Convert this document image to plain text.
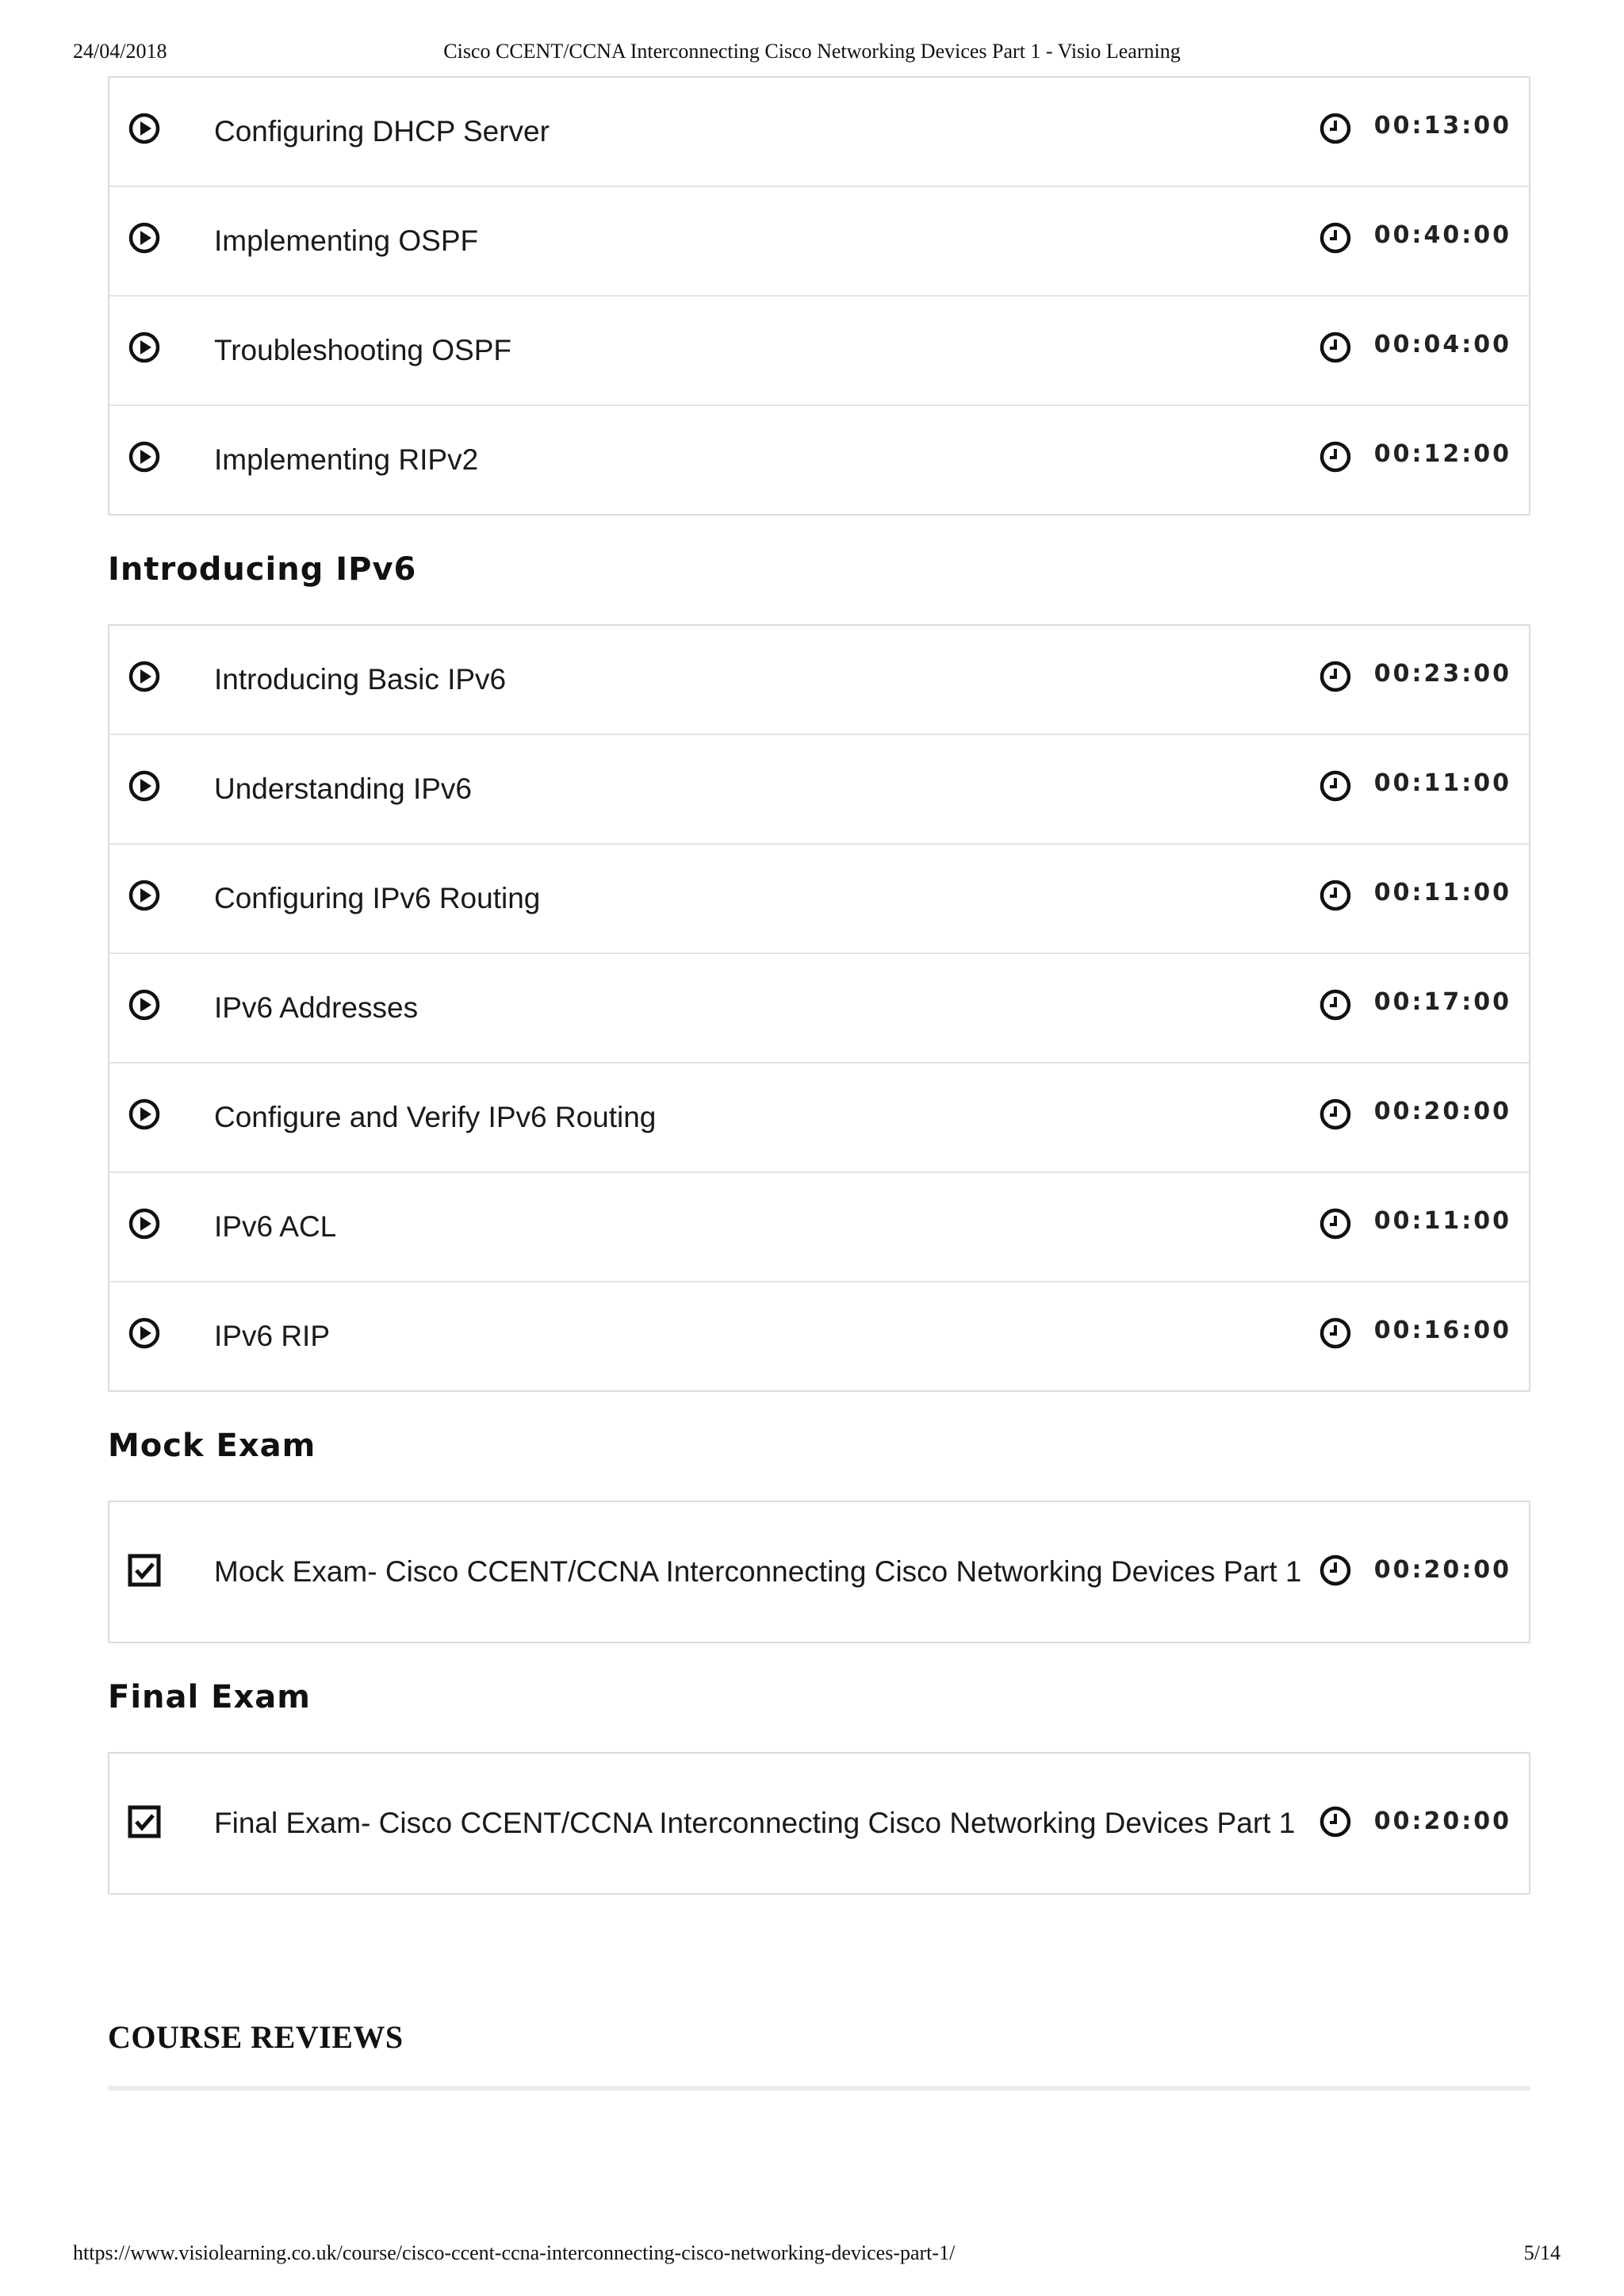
24/04/2018	Cisco CCENT/CCNA Interconnecting Cisco Networking Devices Part 1 - Visio Learning
Configuring DHCP Server	00:13:00
Implementing OSPF	00:40:00
Troubleshooting OSPF	00:04:00
Implementing RIPv2	00:12:00
Introducing IPv6
Introducing Basic IPv6	00:23:00
Understanding IPv6	00:11:00
Configuring IPv6 Routing	00:11:00
IPv6 Addresses	00:17:00
Configure and Verify IPv6 Routing	00:20:00
IPv6 ACL	00:11:00
IPv6 RIP	00:16:00
Mock Exam
Mock Exam- Cisco CCENT/CCNA Interconnecting Cisco Networking Devices Part 1	00:20:00
Final Exam
Final Exam- Cisco CCENT/CCNA Interconnecting Cisco Networking Devices Part 1	00:20:00
COURSE REVIEWS
https://www.visiolearning.co.uk/course/cisco-ccent-ccna-interconnecting-cisco-networking-devices-part-1/	5/14
